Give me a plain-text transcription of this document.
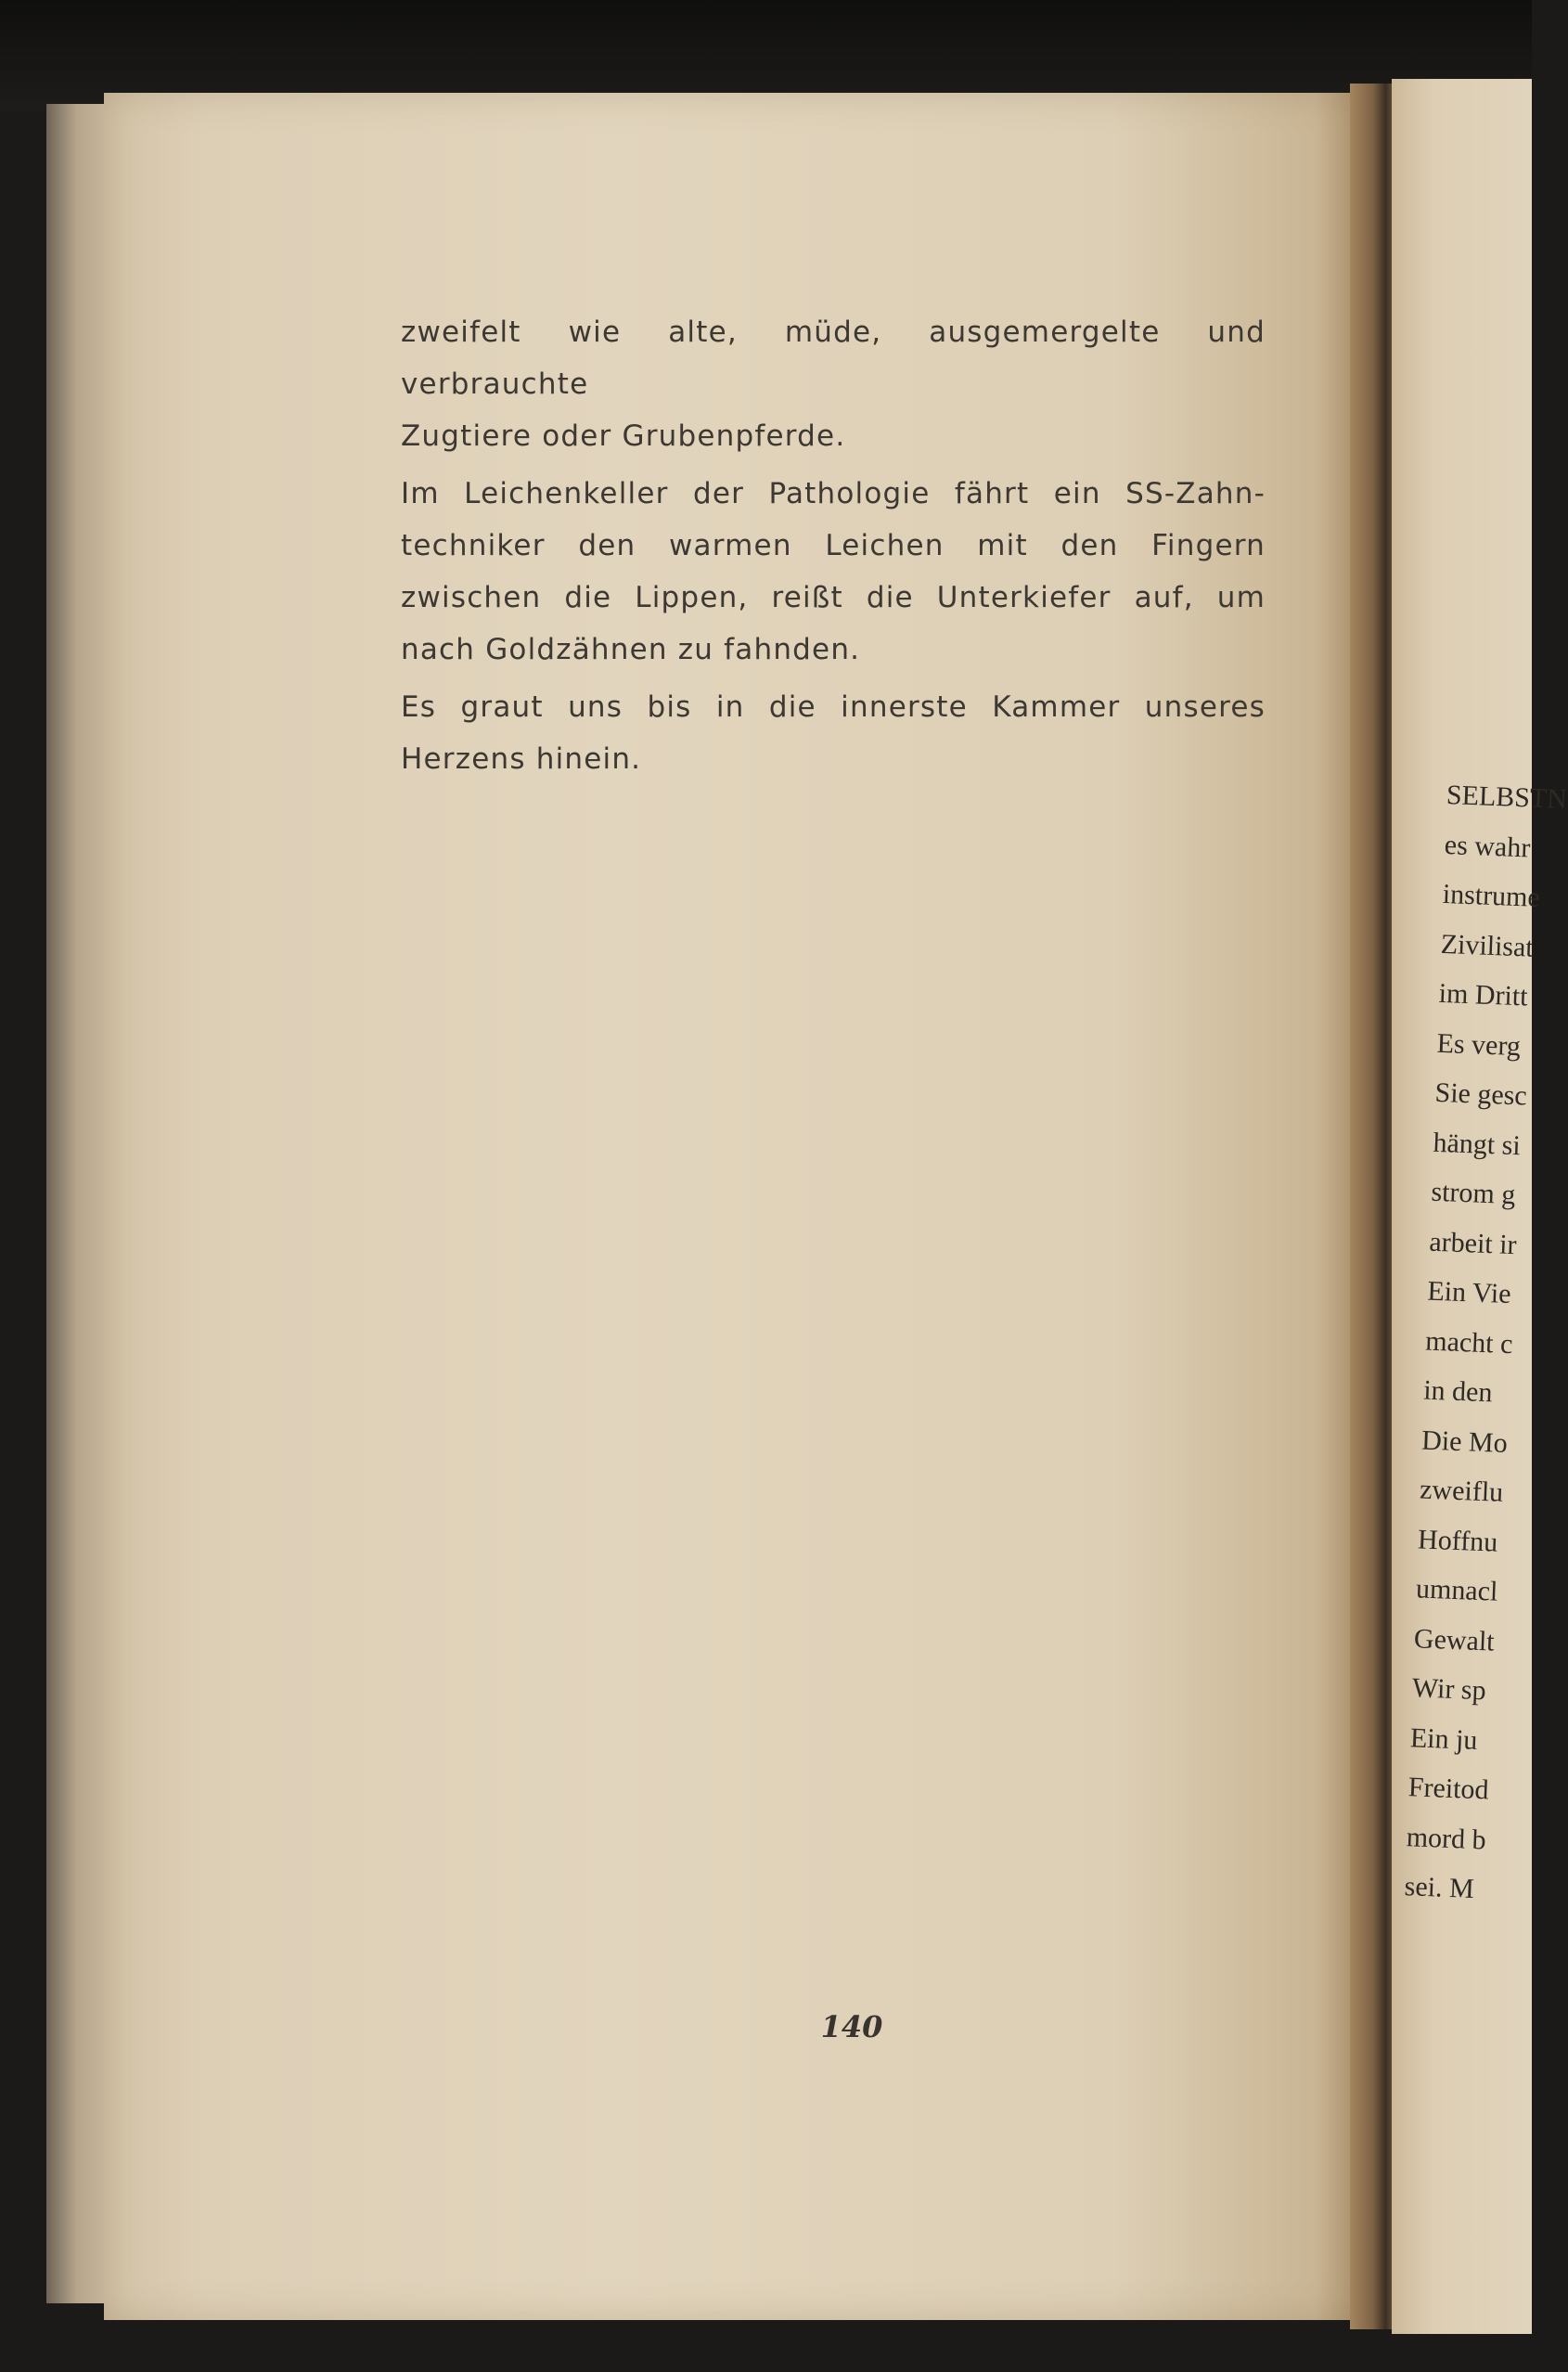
zweifelt wie alte, müde, ausgemergelte und verbrauchte
Zugtiere oder Grubenpferde.

Im Leichenkeller der Pathologie fährt ein SS-Zahn-
techniker den warmen Leichen mit den Fingern
zwischen die Lippen, reißt die Unterkiefer auf, um
nach Goldzähnen zu fahnden.

Es graut uns bis in die innerste Kammer unseres
Herzens hinein.

140
SELBSTN
es wahr
instrume
Zivilisat
im Dritt
Es verg
Sie gesc
hängt si
strom g
arbeit ir
Ein Vie
macht c
in den
Die Mo
zweiflu
Hoffnu
umnacl
Gewalt
Wir sp
Ein ju
Freitod
mord b
sei. M
